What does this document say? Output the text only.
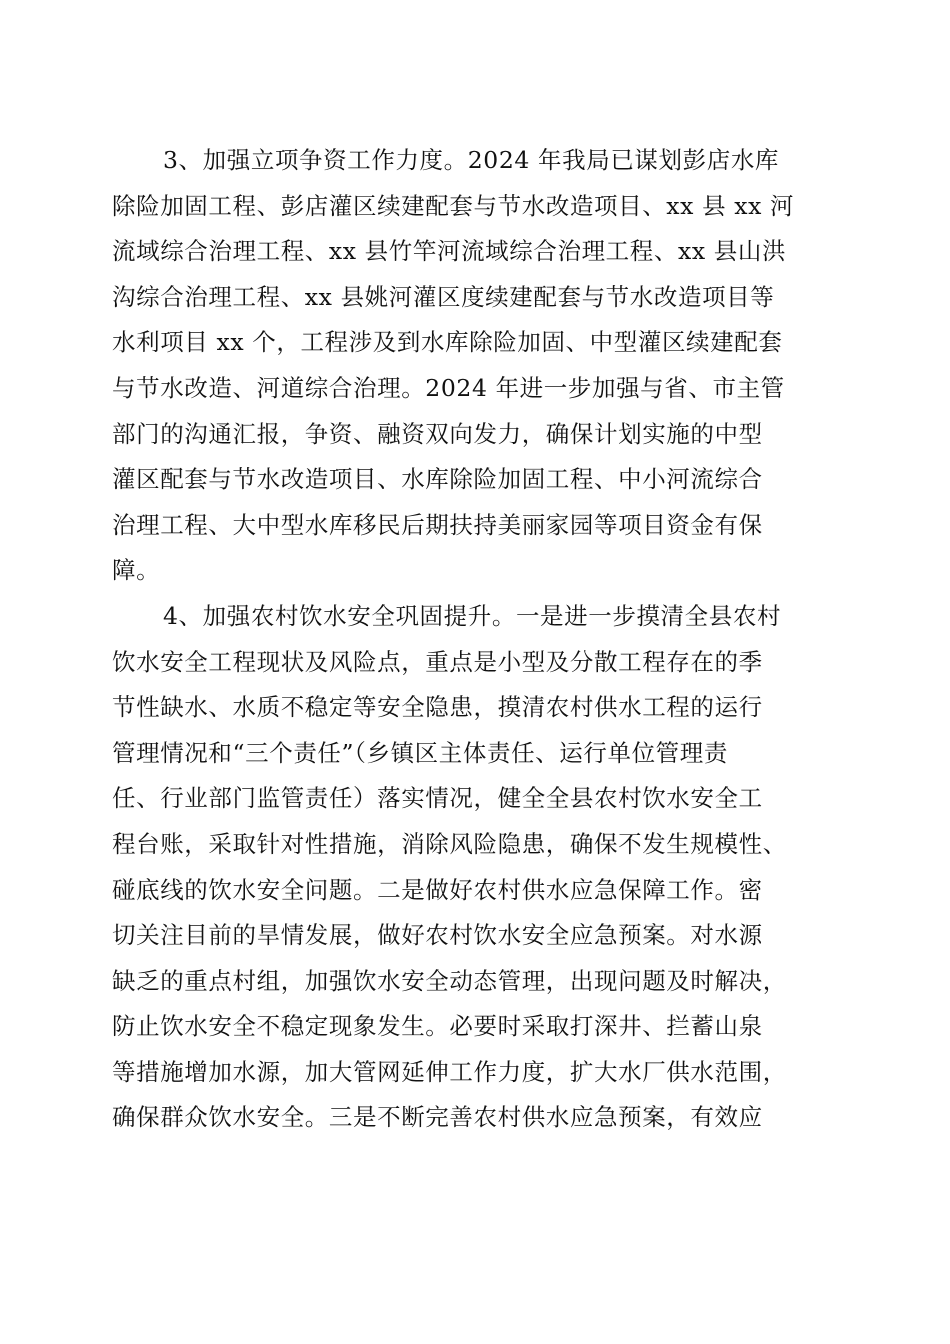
3、加强立项争资工作力度。2024 年我局已谋划彭店水库
除险加固工程、彭店灌区续建配套与节水改造项目、xx 县 xx 河
流域综合治理工程、xx 县竹竿河流域综合治理工程、xx 县山洪
沟综合治理工程、xx 县姚河灌区度续建配套与节水改造项目等
水利项目 xx 个，工程涉及到水库除险加固、中型灌区续建配套
与节水改造、河道综合治理。2024 年进一步加强与省、市主管
部门的沟通汇报，争资、融资双向发力，确保计划实施的中型
灌区配套与节水改造项目、水库除险加固工程、中小河流综合
治理工程、大中型水库移民后期扶持美丽家园等项目资金有保
障。
4、加强农村饮水安全巩固提升。一是进一步摸清全县农村
饮水安全工程现状及风险点，重点是小型及分散工程存在的季
节性缺水、水质不稳定等安全隐患，摸清农村供水工程的运行
管理情况和“三个责任”（乡镇区主体责任、运行单位管理责
任、行业部门监管责任）落实情况，健全全县农村饮水安全工
程台账，采取针对性措施，消除风险隐患，确保不发生规模性、
碰底线的饮水安全问题。二是做好农村供水应急保障工作。密
切关注目前的旱情发展，做好农村饮水安全应急预案。对水源
缺乏的重点村组，加强饮水安全动态管理，出现问题及时解决，
防止饮水安全不稳定现象发生。必要时采取打深井、拦蓄山泉
等措施增加水源，加大管网延伸工作力度，扩大水厂供水范围，
确保群众饮水安全。三是不断完善农村供水应急预案，有效应
